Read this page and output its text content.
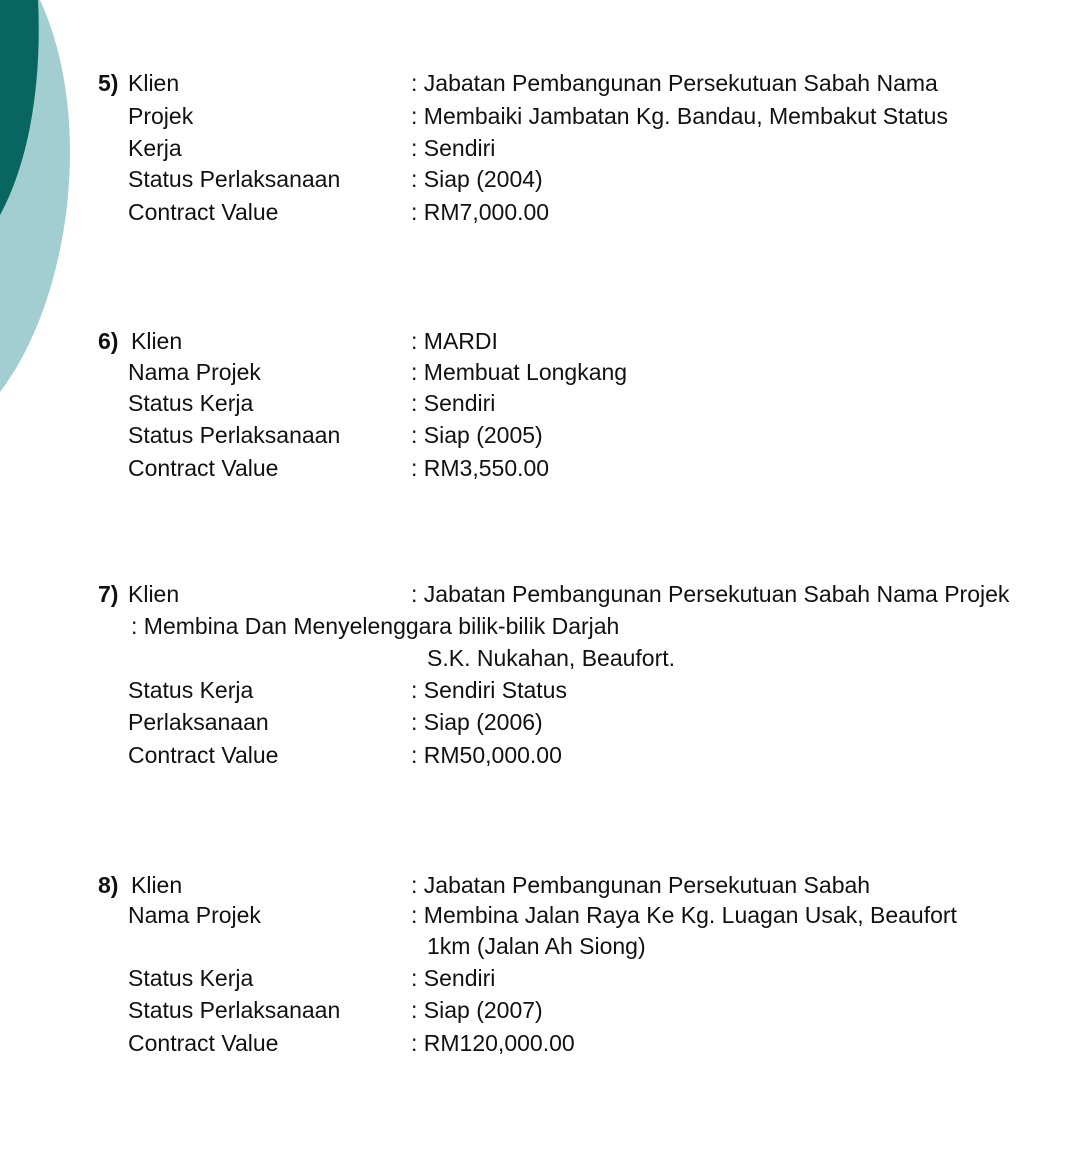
5) Klien	: Jabatan Pembangunan Persekutuan Sabah Nama
Projek	: Membaiki Jambatan Kg. Bandau, Membakut Status
Kerja	: Sendiri
Status Perlaksanaan	: Siap (2004)
Contract Value	: RM7,000.00
6) Klien	: MARDI
Nama Projek	: Membuat Longkang
Status Kerja	: Sendiri
Status Perlaksanaan	: Siap (2005)
Contract Value	: RM3,550.00
7) Klien	: Jabatan Pembangunan Persekutuan Sabah Nama Projek
: Membina Dan Menyelenggara bilik-bilik Darjah
S.K. Nukahan, Beaufort.
Status Kerja	: Sendiri Status
Perlaksanaan	: Siap (2006)
Contract Value	: RM50,000.00
8) Klien	: Jabatan Pembangunan Persekutuan Sabah
Nama Projek	: Membina Jalan Raya Ke Kg. Luagan Usak, Beaufort
1km (Jalan Ah Siong)
Status Kerja	: Sendiri
Status Perlaksanaan	: Siap (2007)
Contract Value	: RM120,000.00
